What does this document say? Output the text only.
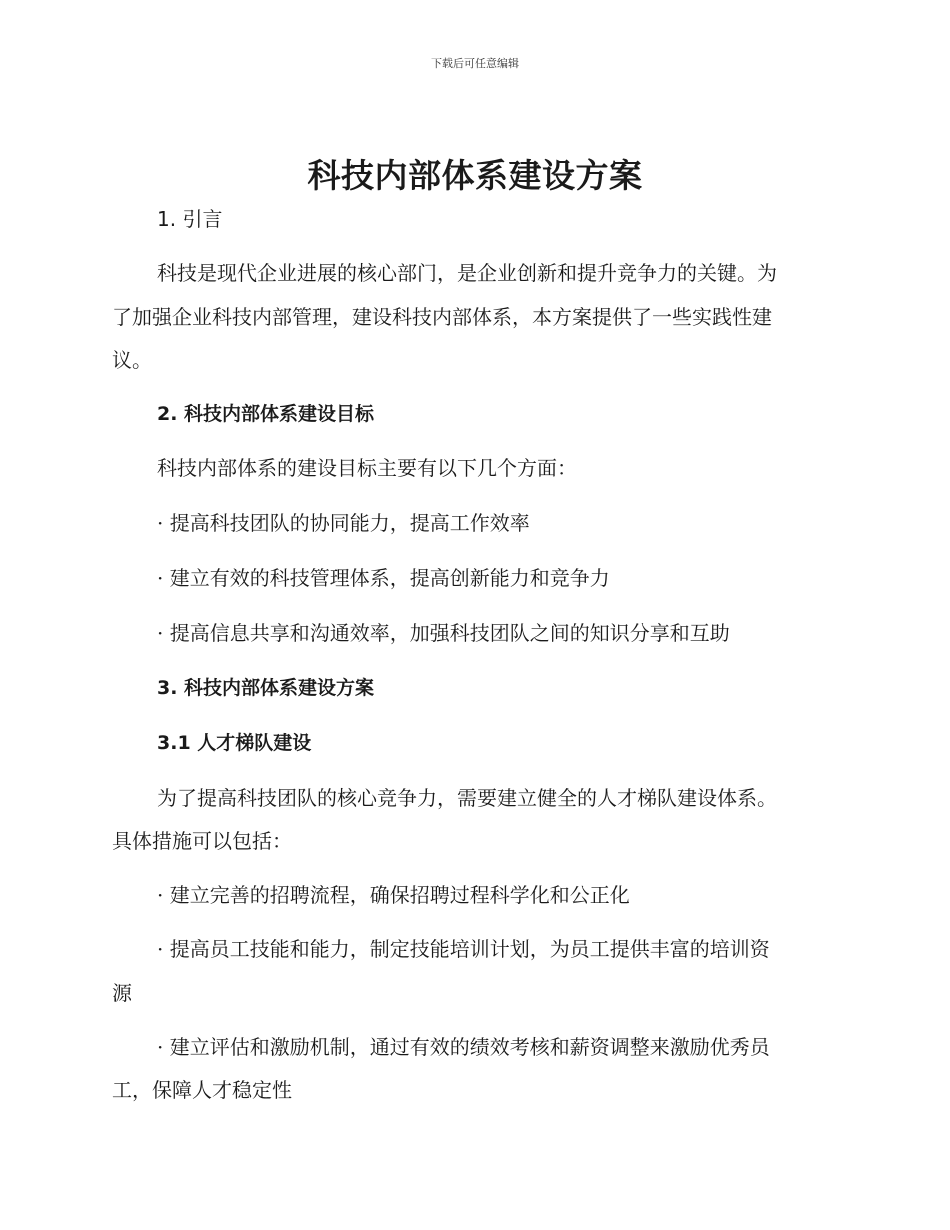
下载后可任意编辑
科技内部体系建设方案
1. 引言
科技是现代企业进展的核心部门，是企业创新和提升竞争力的关键。为
了加强企业科技内部管理，建设科技内部体系，本方案提供了一些实践性建
议。
2. 科技内部体系建设目标
科技内部体系的建设目标主要有以下几个方面：
· 提高科技团队的协同能力，提高工作效率
· 建立有效的科技管理体系，提高创新能力和竞争力
· 提高信息共享和沟通效率，加强科技团队之间的知识分享和互助
3. 科技内部体系建设方案
3.1 人才梯队建设
为了提高科技团队的核心竞争力，需要建立健全的人才梯队建设体系。
具体措施可以包括：
· 建立完善的招聘流程，确保招聘过程科学化和公正化
· 提高员工技能和能力，制定技能培训计划，为员工提供丰富的培训资
源
· 建立评估和激励机制，通过有效的绩效考核和薪资调整来激励优秀员
工，保障人才稳定性
